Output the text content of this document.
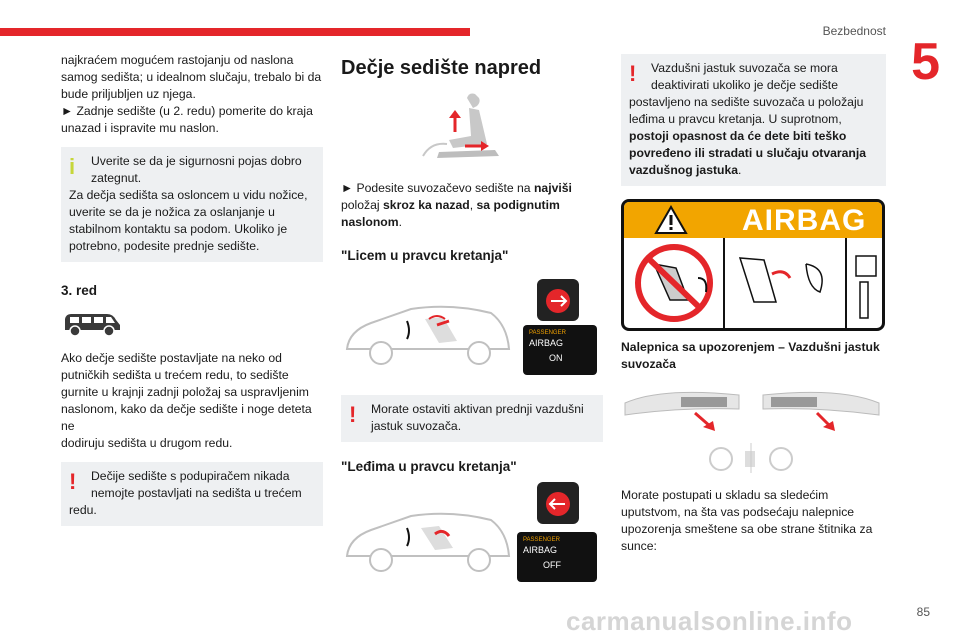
Bezbednost
5

najkraćem mogućem rastojanju od naslona

samog sedišta; u idealnom slučaju, trebalo bi da

bude priljubljen uz njega.

► Zadnje sedište (u 2. redu) pomerite do kraja

unazad i ispravite mu naslon.

i	Uverite se da je sigurnosni pojas dobro

zategnut.

Za dečja sedišta sa osloncem u vidu nožice,

uverite se da je nožica za oslanjanje u

stabilnom kontaktu sa podom. Ukoliko je

potrebno, podesite prednje sedište.

3. red

Ako dečje sedište postavljate na neko od

putničkih sedišta u trećem redu, to sedište

gurnite u krajnji zadnji položaj sa uspravljenim

naslonom, kako da dečje sedište i noge deteta ne

dodiruju sedišta u drugom redu.

!	Dečije sedište s podupiračem nikada

nemojte postavljati na sedišta u trećem

redu.

Dečje sedište napred

► Podesite suvozačevo sedište na najviši

položaj skroz ka nazad, sa podignutim

naslonom.

"Licem u pravcu kretanja"
PASSENGER
AIRBAG
ON
!	Morate ostaviti aktivan prednji vazdušni

jastuk suvozača.

"Leđima u pravcu kretanja"
PASSENGER
AIRBAG
OFF
!	Vazdušni jastuk suvozača se mora

deaktivirati ukoliko je dečje sedište

postavljeno na sedište suvozača u položaju

leđima u pravcu kretanja. U suprotnom,

postoji opasnost da će dete biti teško

povređeno ili stradati u slučaju otvaranja

vazdušnog jastuka.

AIRBAG

Nalepnica sa upozorenjem – Vazdušni jastuk

suvozača

Morate postupati u skladu sa sledećim

uputstvom, na šta vas podsećaju nalepnice

upozorenja smeštene sa obe strane štitnika za

sunce:

carmanualsonline.info	85
